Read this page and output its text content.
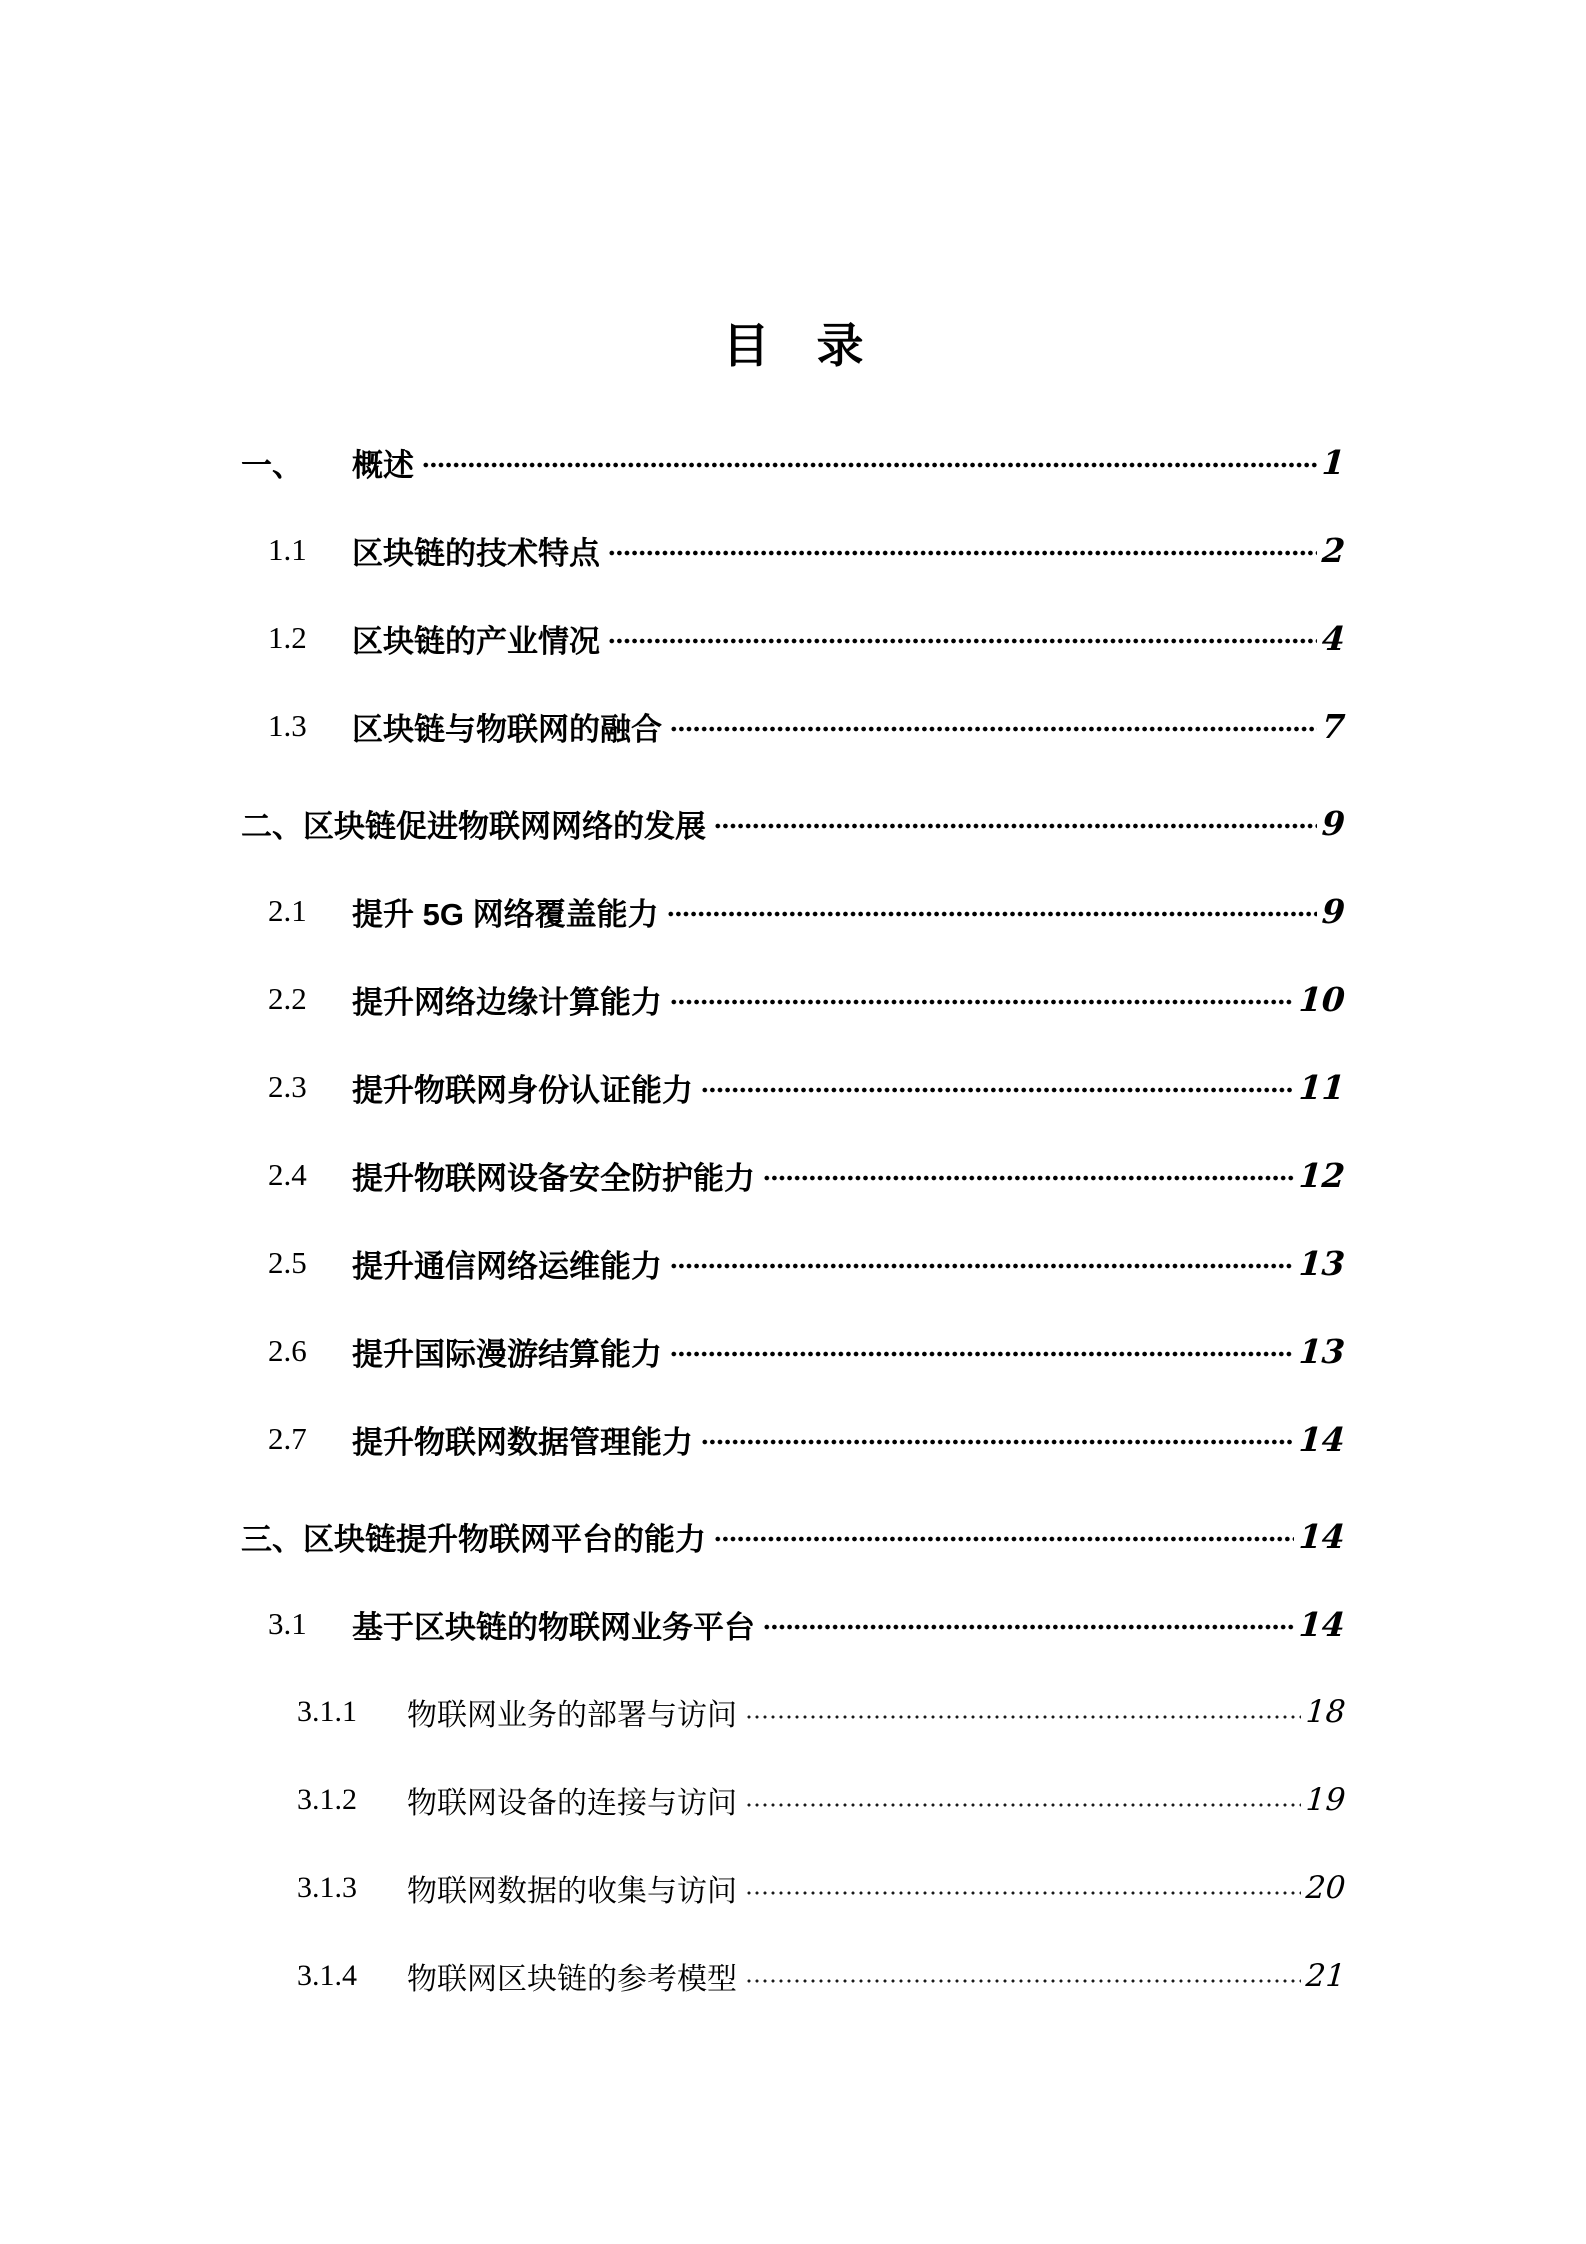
目　录
一、	概述	1
1.1	区块链的技术特点	2
1.2	区块链的产业情况	4
1.3	区块链与物联网的融合	7
二、 区块链促进物联网网络的发展	9
2.1	提升 5G 网络覆盖能力	9
2.2	提升网络边缘计算能力	10
2.3	提升物联网身份认证能力	11
2.4	提升物联网设备安全防护能力	12
2.5	提升通信网络运维能力	13
2.6	提升国际漫游结算能力	13
2.7	提升物联网数据管理能力	14
三、 区块链提升物联网平台的能力	14
3.1	基于区块链的物联网业务平台	14
3.1.1	物联网业务的部署与访问	18
3.1.2	物联网设备的连接与访问	19
3.1.3	物联网数据的收集与访问	20
3.1.4	物联网区块链的参考模型	21
